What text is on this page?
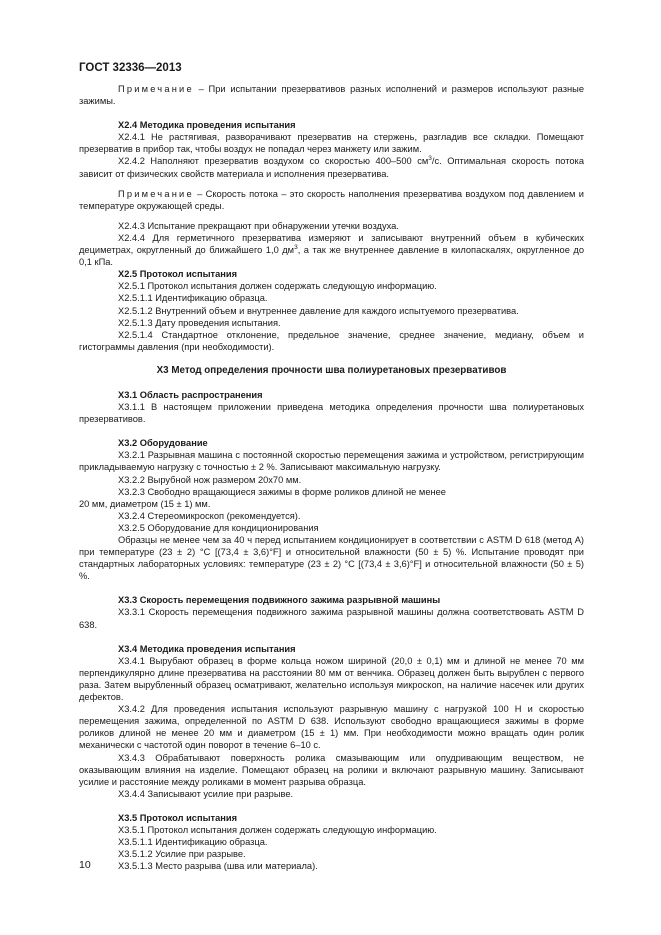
ГОСТ 32336—2013

Примечание – При испытании презервативов разных исполнений и размеров используют разные зажимы.

Х2.4 Методика проведения испытания

Х2.4.1 Не растягивая, разворачивают презерватив на стержень, разгладив все складки. Помещают презерватив в прибор так, чтобы воздух не попадал через манжету или зажим.

Х2.4.2 Наполняют презерватив воздухом со скоростью 400–500 $см^3/с$. Оптимальная скорость потока зависит от физических свойств материала и исполнения презерватива.

Примечание – Скорость потока – это скорость наполнения презерватива воздухом под давлением и температуре окружающей среды.

Х2.4.3 Испытание прекращают при обнаружении утечки воздуха.

Х2.4.4 Для герметичного презерватива измеряют и записывают внутренний объем в кубических дециметрах, округленный до ближайшего 1,0 $дм^3$, а так же внутреннее давление в килопаскалях, округленное до 0,1 кПа.

Х2.5 Протокол испытания

Х2.5.1 Протокол испытания должен содержать следующую информацию.

Х2.5.1.1 Идентификацию образца.

Х2.5.1.2 Внутренний объем и внутреннее давление для каждого испытуемого презерватива.

Х2.5.1.3 Дату проведения испытания.

Х2.5.1.4 Стандартное отклонение, предельное значение, среднее значение, медиану, объем и гистограммы давления (при необходимости).

Х3 Метод определения прочности шва полиуретановых презервативов

Х3.1 Область распространения

Х3.1.1 В настоящем приложении приведена методика определения прочности шва полиуретановых презервативов.

Х3.2 Оборудование

Х3.2.1 Разрывная машина с постоянной скоростью перемещения зажима и устройством, регистрирующим прикладываемую нагрузку с точностью ± 2 %. Записывают максимальную нагрузку.

Х3.2.2 Вырубной нож размером 20х70 мм.

Х3.2.3 Свободно вращающиеся зажимы в форме роликов длиной не менее

20 мм, диаметром (15 ± 1) мм.

Х3.2.4 Стереомикроскоп (рекомендуется).

Х3.2.5 Оборудование для кондиционирования

Образцы не менее чем за 40 ч перед испытанием кондиционирует в соответствии с ASTM D 618 (метод А) при температуре (23 ± 2) °C [(73,4 ± 3,6)°F] и относительной влажности (50 ± 5) %. Испытание проводят при стандартных лабораторных условиях: температуре (23 ± 2) °C [(73,4 ± 3,6)°F] и относительной влажности (50 ± 5) %.

Х3.3 Скорость перемещения подвижного зажима разрывной машины

Х3.3.1 Скорость перемещения подвижного зажима разрывной машины должна соответствовать ASTM D 638.

Х3.4 Методика проведения испытания

Х3.4.1 Вырубают образец в форме кольца ножом шириной (20,0 ± 0,1) мм и длиной не менее 70 мм перпендикулярно длине презерватива на расстоянии 80 мм от венчика. Образец должен быть вырублен с первого раза. Затем вырубленный образец осматривают, желательно используя микроскоп, на наличие насечек или других дефектов.

Х3.4.2 Для проведения испытания используют разрывную машину с нагрузкой 100 Н и скоростью перемещения зажима, определенной по ASTM D 638. Используют свободно вращающиеся зажимы в форме роликов длиной не менее 20 мм и диаметром (15 ± 1) мм. При необходимости можно вращать один ролик механически с частотой один поворот в течение 6–10 с.

Х3.4.3 Обрабатывают поверхность ролика смазывающим или опудривающим веществом, не оказывающим влияния на изделие. Помещают образец на ролики и включают разрывную машину. Записывают усилие и расстояние между роликами в момент разрыва образца.

Х3.4.4 Записывают усилие при разрыве.

Х3.5 Протокол испытания

Х3.5.1 Протокол испытания должен содержать следующую информацию.

Х3.5.1.1 Идентификацию образца.

Х3.5.1.2 Усилие при разрыве.

Х3.5.1.3 Место разрыва (шва или материала).

10
